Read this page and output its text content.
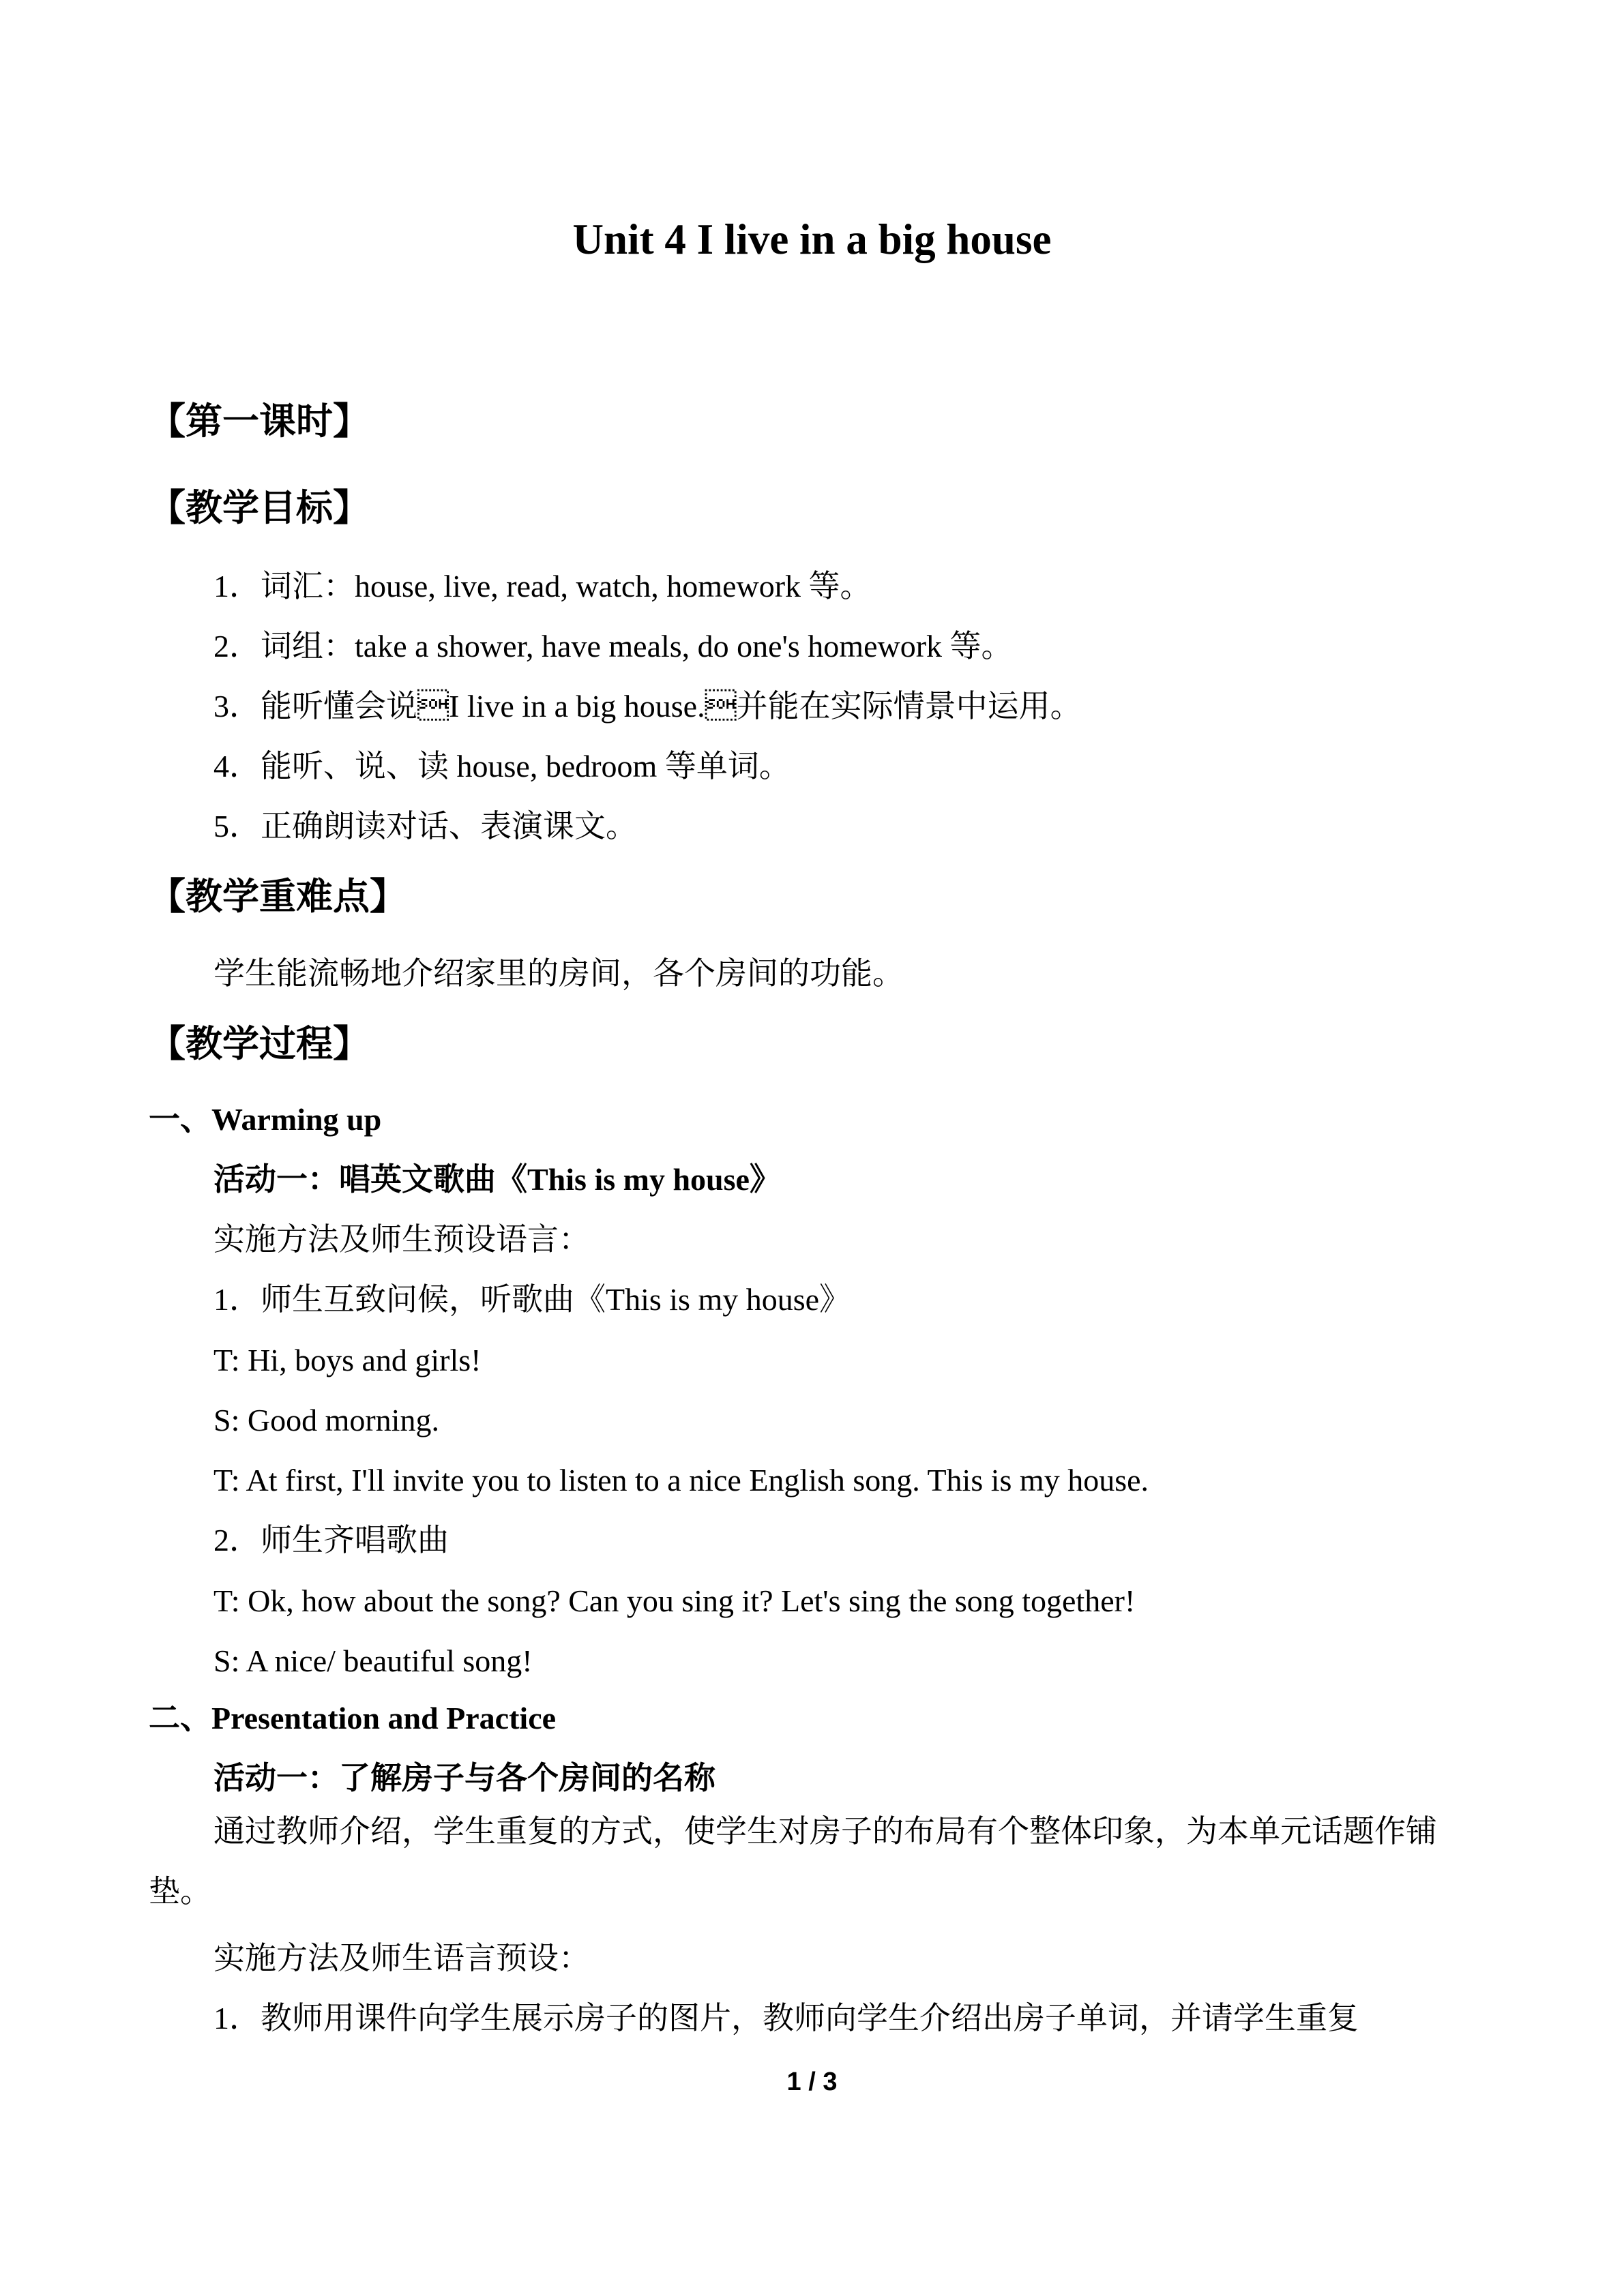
Unit 4 I live in a big house
【第一课时】
【教学目标】
1．词汇：house, live, read, watch, homework 等。
2．词组：take a shower, have meals, do one's homework 等。
3．能听懂会说I live in a big house.并能在实际情景中运用。
4．能听、说、读 house, bedroom 等单词。
5．正确朗读对话、表演课文。
【教学重难点】
学生能流畅地介绍家里的房间，各个房间的功能。
【教学过程】
一、Warming up
活动一：唱英文歌曲《This is my house》
实施方法及师生预设语言：
1．师生互致问候，听歌曲《This is my house》
T: Hi, boys and girls!
S: Good morning.
T: At first, I'll invite you to listen to a nice English song. This is my house.
2．师生齐唱歌曲
T: Ok, how about the song? Can you sing it? Let's sing the song together!
S: A nice/ beautiful song!
二、Presentation and Practice
活动一：了解房子与各个房间的名称
通过教师介绍，学生重复的方式，使学生对房子的布局有个整体印象，为本单元话题作铺垫。
实施方法及师生语言预设：
1．教师用课件向学生展示房子的图片，教师向学生介绍出房子单词，并请学生重复
1 / 3
